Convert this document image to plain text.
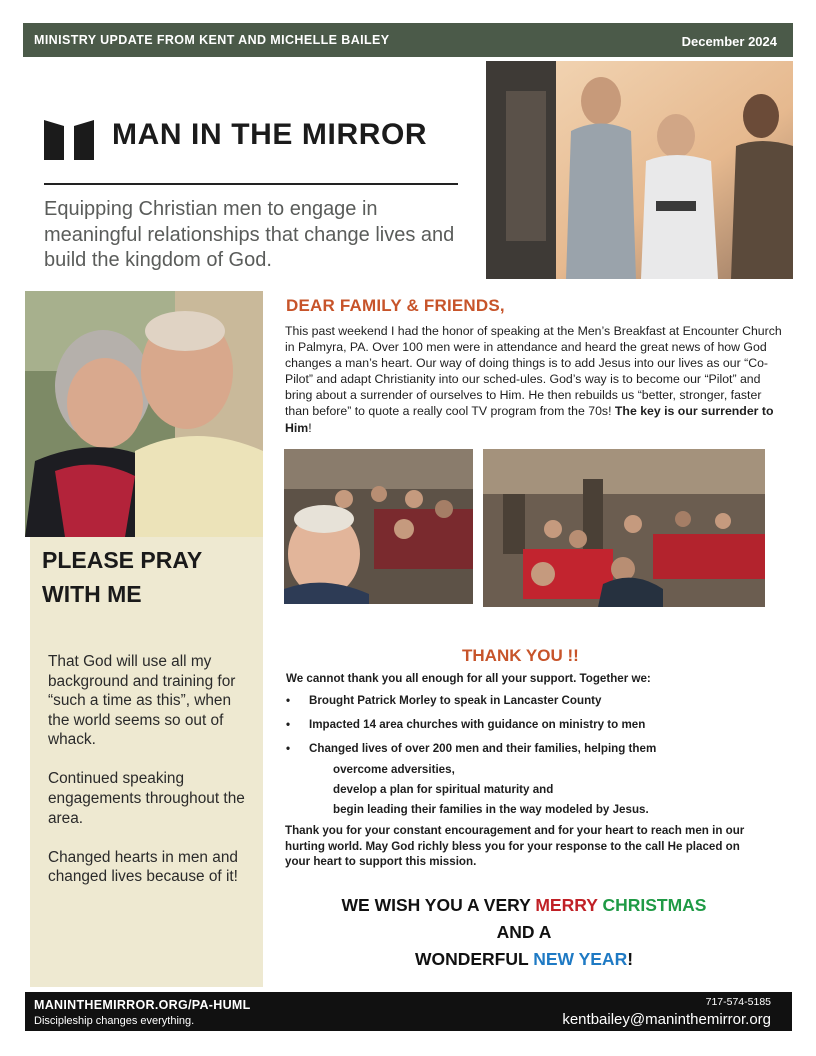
MINISTRY UPDATE FROM KENT AND MICHELLE BAILEY	December 2024
MAN IN THE MIRROR
Equipping Christian men to engage in meaningful relationships that change lives and build the kingdom of God.
PLEASE PRAY
WITH ME

That God will use all my background and training for “such a time as this”, when the world seems so out of whack.

Continued speaking engagements throughout the area.

Changed hearts in men and changed lives because of it!

DEAR FAMILY & FRIENDS,
This past weekend I had the honor of speaking at the Men’s Breakfast at Encounter Church in Palmyra, PA. Over 100 men were in attendance and heard the great news of how God changes a man’s heart. Our way of doing things is to add Jesus into our lives as our “Co-Pilot” and adapt Christianity into our sched-ules. God’s way is to become our “Pilot” and bring about a surrender of ourselves to Him. He then rebuilds us “better, stronger, faster than before” to quote a really cool TV program from the 70s! The key is our surrender to Him!
THANK YOU !!
We cannot thank you all enough for all your support. Together we:
• Brought Patrick Morley to speak in Lancaster County
• Impacted 14 area churches with guidance on ministry to men
• Changed lives of over 200 men and their families, helping them
overcome adversities,
develop a plan for spiritual maturity and
begin leading their families in the way modeled by Jesus.
Thank you for your constant encouragement and for your heart to reach men in our hurting world. May God richly bless you for your response to the call He placed on your heart to support this mission.
WE WISH YOU A VERY MERRY CHRISTMAS
AND A
WONDERFUL NEW YEAR!
MANINTHEMIRROR.ORG/PA-HUML
Discipleship changes everything.
717-574-5185
kentbailey@maninthemirror.org
